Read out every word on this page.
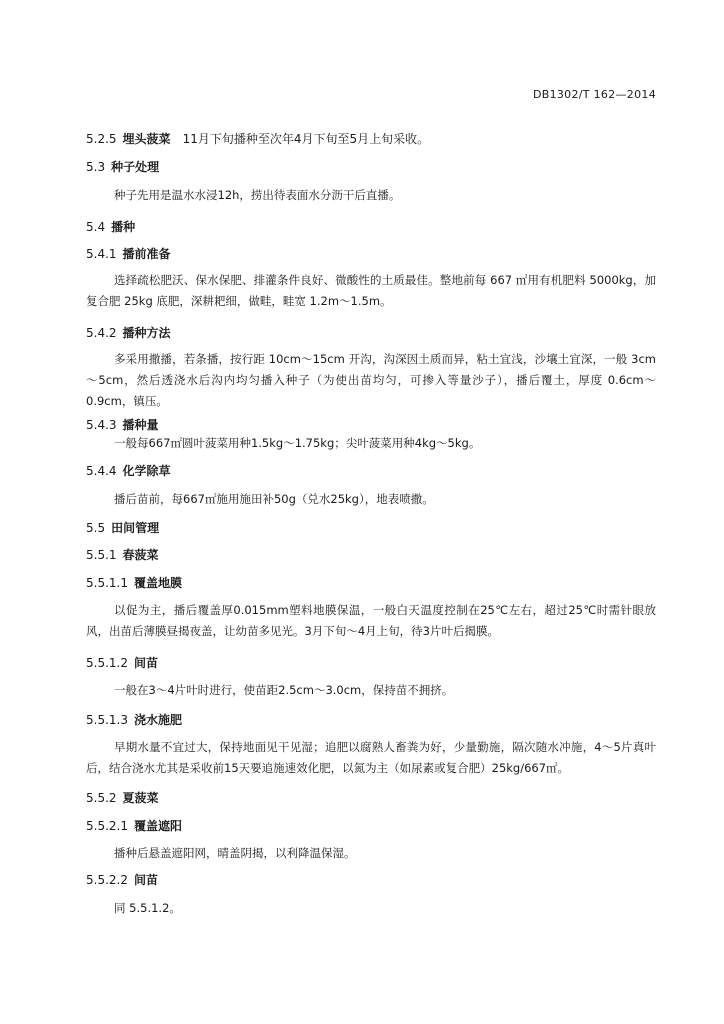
DB1302/T 162—2014
5.2.5 埋头菠菜 11月下旬播种至次年4月下旬至5月上旬采收。
5.3 种子处理
种子先用是温水水浸12h，捞出待表面水分沥干后直播。
5.4 播种
5.4.1 播前准备
选择疏松肥沃、保水保肥、排灌条件良好、微酸性的土质最佳。整地前每 667 ㎡用有机肥料 5000kg，加复合肥 25kg 底肥，深耕耙细，做畦，畦宽 1.2m～1.5m。
5.4.2 播种方法
多采用撒播，若条播，按行距 10cm～15cm 开沟，沟深因土质而异，粘土宜浅，沙壤土宜深，一般 3cm～5cm，然后透浇水后沟内均匀播入种子（为使出苗均匀，可掺入等量沙子），播后覆土，厚度 0.6cm～0.9cm，镇压。
5.4.3 播种量
一般每667㎡圆叶菠菜用种1.5kg～1.75kg；尖叶菠菜用种4kg～5kg。
5.4.4 化学除草
播后苗前，每667㎡施用施田补50g（兑水25kg），地表喷撒。
5.5 田间管理
5.5.1 春菠菜
5.5.1.1 覆盖地膜
以促为主，播后覆盖厚0.015mm塑料地膜保温，一般白天温度控制在25℃左右，超过25℃时需针眼放风，出苗后薄膜昼揭夜盖，让幼苗多见光。3月下旬～4月上旬，待3片叶后揭膜。
5.5.1.2 间苗
一般在3～4片叶时进行，使苗距2.5cm～3.0cm，保持苗不拥挤。
5.5.1.3 浇水施肥
早期水量不宜过大，保持地面见干见湿；追肥以腐熟人畜粪为好，少量勤施，隔次随水冲施，4～5片真叶后，结合浇水尤其是采收前15天要追施速效化肥，以氮为主（如尿素或复合肥）25kg/667㎡。
5.5.2 夏菠菜
5.5.2.1 覆盖遮阳
播种后悬盖遮阳网，晴盖阴揭，以利降温保湿。
5.5.2.2 间苗
同 5.5.1.2。
